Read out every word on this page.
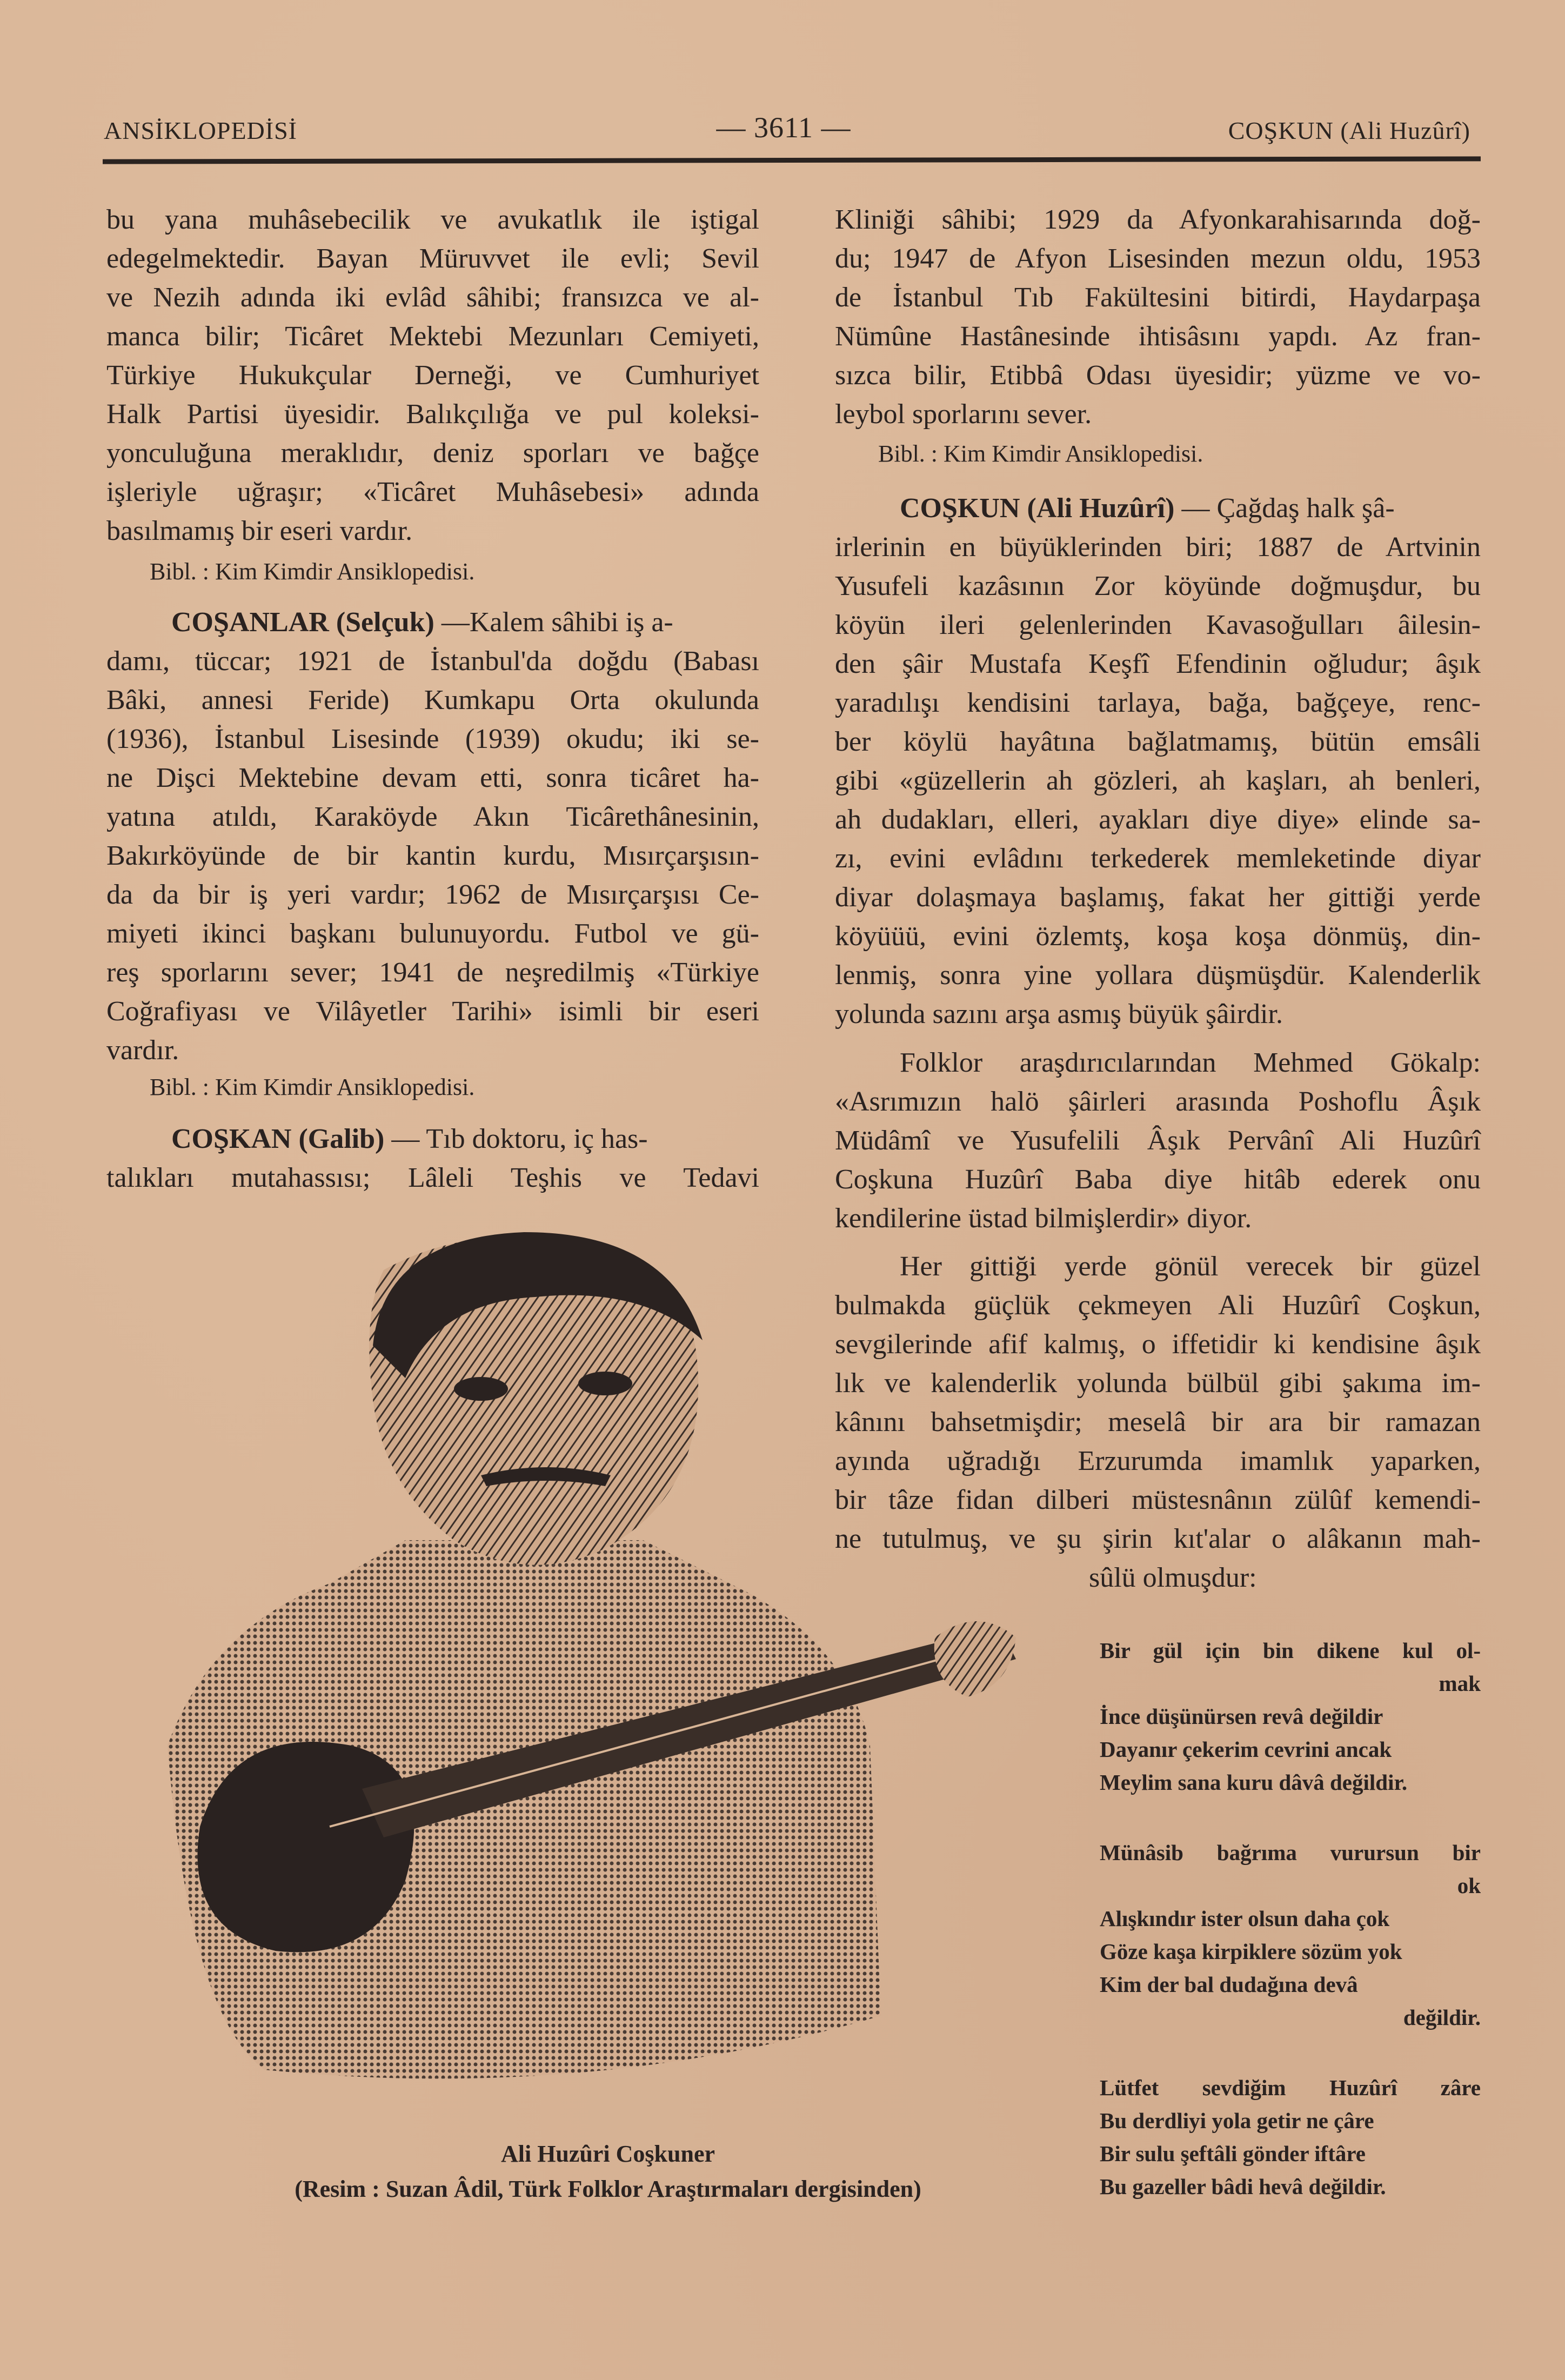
ANSİKLOPEDİSİ	— 3611 —	COŞKUN (Ali Huzûrî)
bu yana muhâsebecilik ve avukatlık ile iştigal
edegelmektedir. Bayan Müruvvet ile evli; Sevil
ve Nezih adında iki evlâd sâhibi; fransızca ve al-
manca bilir; Ticâret Mektebi Mezunları Cemiyeti,
Türkiye Hukukçular Derneği, ve Cumhuriyet
Halk Partisi üyesidir. Balıkçılığa ve pul koleksi-
yonculuğuna meraklıdır, deniz sporları ve bağçe
işleriyle uğraşır; «Ticâret Muhâsebesi» adında
basılmamış bir eseri vardır.
Bibl. : Kim Kimdir Ansiklopedisi.
COŞANLAR (Selçuk) —Kalem sâhibi iş a-
damı, tüccar; 1921 de İstanbul'da doğdu (Babası
Bâki, annesi Feride) Kumkapu Orta okulunda
(1936), İstanbul Lisesinde (1939) okudu; iki se-
ne Dişci Mektebine devam etti, sonra ticâret ha-
yatına atıldı, Karaköyde Akın Ticârethânesinin,
Bakırköyünde de bir kantin kurdu, Mısırçarşısın-
da da bir iş yeri vardır; 1962 de Mısırçarşısı Ce-
miyeti ikinci başkanı bulunuyordu. Futbol ve gü-
reş sporlarını sever; 1941 de neşredilmiş «Türkiye
Coğrafiyası ve Vilâyetler Tarihi» isimli bir eseri
vardır.
Bibl. : Kim Kimdir Ansiklopedisi.
COŞKAN (Galib) — Tıb doktoru, iç has-
talıkları mutahassısı; Lâleli Teşhis ve Tedavi
Kliniği sâhibi; 1929 da Afyonkarahisarında doğ-
du; 1947 de Afyon Lisesinden mezun oldu, 1953
de İstanbul Tıb Fakültesini bitirdi, Haydarpaşa
Nümûne Hastânesinde ihtisâsını yapdı. Az fran-
sızca bilir, Etibbâ Odası üyesidir; yüzme ve vo-
leybol sporlarını sever.
Bibl. : Kim Kimdir Ansiklopedisi.
COŞKUN (Ali Huzûrî) — Çağdaş halk şâ-
irlerinin en büyüklerinden biri; 1887 de Artvinin
Yusufeli kazâsının Zor köyünde doğmuşdur, bu
köyün ileri gelenlerinden Kavasoğulları âilesin-
den şâir Mustafa Keşfî Efendinin oğludur; âşık
yaradılışı kendisini tarlaya, bağa, bağçeye, renc-
ber köylü hayâtına bağlatmamış, bütün emsâli
gibi «güzellerin ah gözleri, ah kaşları, ah benleri,
ah dudakları, elleri, ayakları diye diye» elinde sa-
zı, evini evlâdını terkederek memleketinde diyar
diyar dolaşmaya başlamış, fakat her gittiği yerde
köyüüü, evini özlemtş, koşa koşa dönmüş, din-
lenmiş, sonra yine yollara düşmüşdür. Kalenderlik
yolunda sazını arşa asmış büyük şâirdir.
Folklor araşdırıcılarından Mehmed Gökalp:
«Asrımızın halö şâirleri arasında Poshoflu Âşık
Müdâmî ve Yusufelili Âşık Pervânî Ali Huzûrî
Coşkuna Huzûrî Baba diye hitâb ederek onu
kendilerine üstad bilmişlerdir» diyor.
Her gittiği yerde gönül verecek bir güzel
bulmakda güçlük çekmeyen Ali Huzûrî Coşkun,
sevgilerinde afif kalmış, o iffetidir ki kendisine âşık
lık ve kalenderlik yolunda bülbül gibi şakıma im-
kânını bahsetmişdir; meselâ bir ara bir ramazan
ayında uğradığı Erzurumda imamlık yaparken,
bir tâze fidan dilberi müstesnânın zülûf kemendi-
ne tutulmuş, ve şu şirin kıt'alar o alâkanın mah-
sûlü olmuşdur:
Bir gül için bin dikene kul ol-
mak
İnce düşünürsen revâ değildir
Dayanır çekerim cevrini ancak
Meylim sana kuru dâvâ değildir.
Münâsib bağrıma vurursun bir
ok
Alışkındır ister olsun daha çok
Göze kaşa kirpiklere sözüm yok
Kim der bal dudağına devâ
değildir.
Lütfet sevdiğim Huzûrî zâre
Bu derdliyi yola getir ne çâre
Bir sulu şeftâli gönder iftâre
Bu gazeller bâdi hevâ değildir.
Ali Huzûri Coşkuner
(Resim : Suzan Âdil, Türk Folklor Araştırmaları dergisinden)
